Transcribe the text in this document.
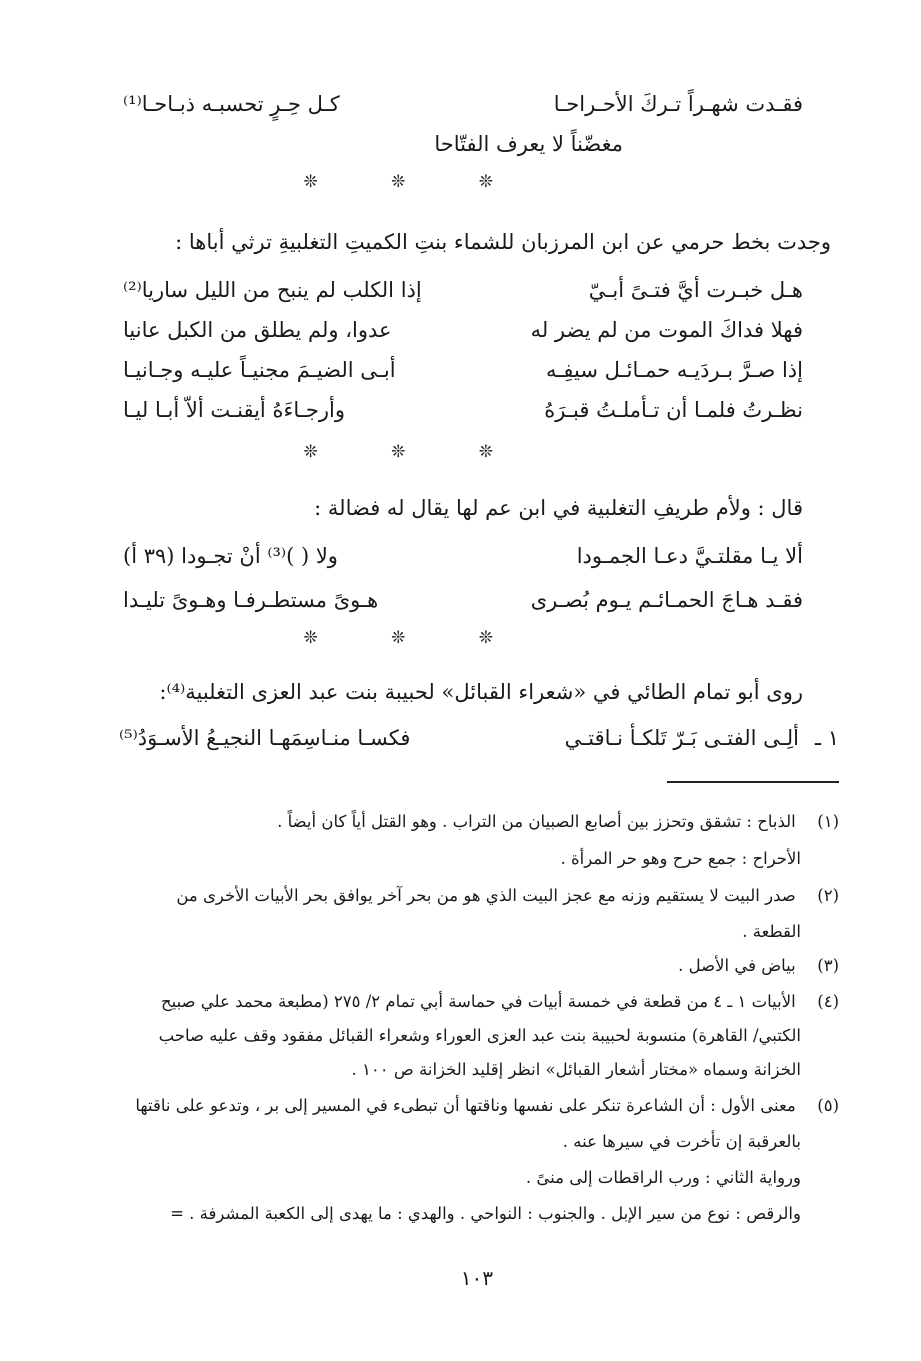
فقـدت شهـراً تـركَ الأحـراحـا
كـل حِـرٍ تحسبـه ذبـاحـا⁽¹⁾
مغضّناً لا يعرف الفتّاحا
❊ ❊ ❊
وجدت بخط حرمي عن ابن المرزبان للشماء بنتِ الكميتِ التغلبيةِ ترثي أباها :
هـل خبـرت أيَّ فتـىً أبـيّ
إذا الكلب لم ينبح من الليل ساريا⁽²⁾
فهلا فداكَ الموت من لم يضر له
عدوا، ولم يطلق من الكبل عانيا
إذا صـرَّ بـردَيـه حمـائـل سيفِـه
أبـى الضيـمَ مجنيـاً عليـه وجـانيـا
نظـرتُ فلمـا أن تـأملـتُ قبـرَهُ
وأرجـاءَهُ أيقنـت ألاّ أبـا ليـا
❊ ❊ ❊
قال : ولأم طريفِ التغلبية في ابن عم لها يقال له فضالة :
ألا يـا مقلتـيَّ دعـا الجمـودا
ولا ( )⁽³⁾ أنْ تجـودا (٣٩ أ)
فقـد هـاجَ الحمـائـم يـوم بُصـرى
هـوىً مستطـرفـا وهـوىً تليـدا
❊ ❊ ❊
روى أبو تمام الطائي في «شعراء القبائل» لحبيبة بنت عبد العزى التغلبية⁽⁴⁾:
١ ـ
ألِـى الفتـى بَـرّ تَلكـأ نـاقتـي
فكسـا منـاسِمَهـا النجيـعُ الأسـوَدُ⁽⁵⁾
(١) الذباح : تشقق وتحزز بين أصابع الصبيان من التراب . وهو القتل أياً كان أيضاً .
الأحراح : جمع حرح وهو حر المرأة .
(٢) صدر البيت لا يستقيم وزنه مع عجز البيت الذي هو من بحر آخر يوافق بحر الأبيات الأخرى من
القطعة .
(٣) بياض في الأصل .
(٤) الأبيات ١ ـ ٤ من قطعة في خمسة أبيات في حماسة أبي تمام ٢/ ٢٧٥ (مطبعة محمد علي صبيح
الكتبي/ القاهرة) منسوبة لحبيبة بنت عبد العزى العوراء وشعراء القبائل مفقود وقف عليه صاحب
الخزانة وسماه «مختار أشعار القبائل» انظر إقليد الخزانة ص ١٠٠ .
(٥) معنى الأول : أن الشاعرة تنكر على نفسها وناقتها أن تبطىء في المسير إلى بر ، وتدعو على ناقتها
بالعرقبة إن تأخرت في سيرها عنه .
ورواية الثاني : ورب الراقطات إلى منىً .
والرقص : نوع من سير الإبل . والجنوب : النواحي . والهدي : ما يهدى إلى الكعبة المشرفة . =
١٠٣
